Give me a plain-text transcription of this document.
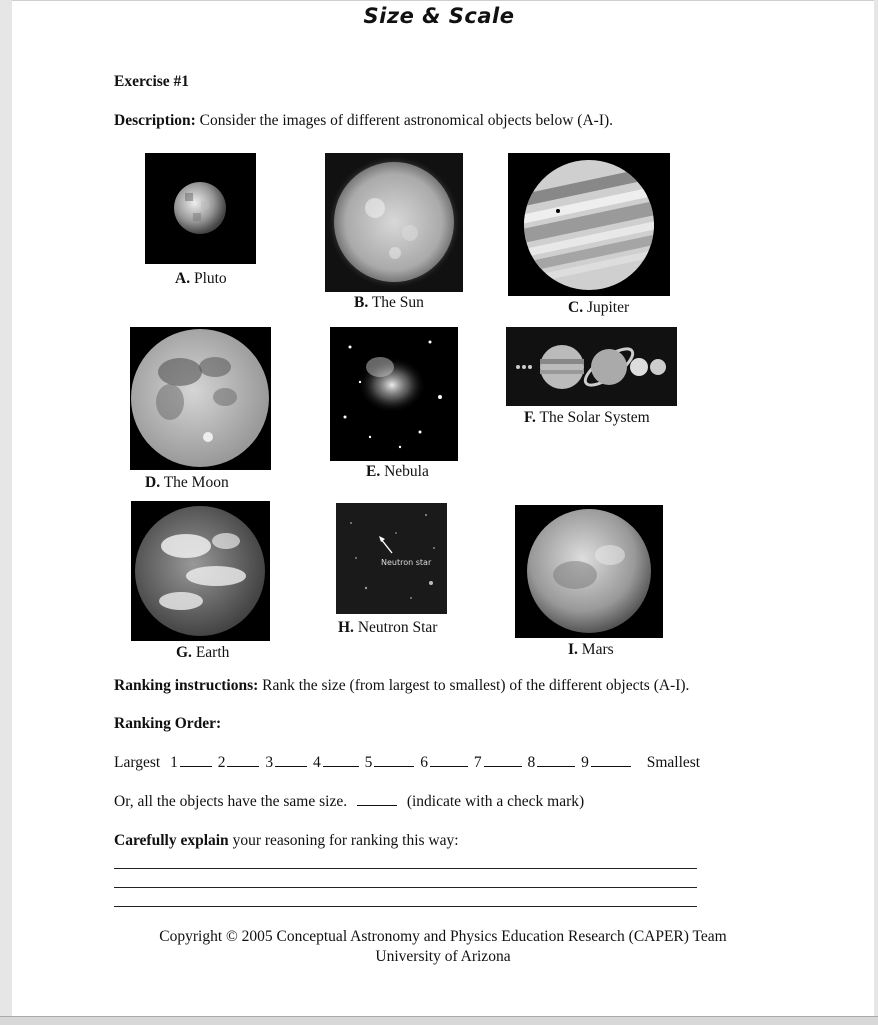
Size & Scale
Exercise #1
Description: Consider the images of different astronomical objects below (A-I).
A. Pluto
B. The Sun	C. Jupiter
D. The Moon
E. Nebula
F. The Solar System
G. Earth
Neutron star
H. Neutron Star
I. Mars
Ranking instructions: Rank the size (from largest to smallest) of the different objects (A-I).
Ranking Order:
Largest 1	2	3	4	5	6	7	8	9	Smallest
Or, all the objects have the same size.	(indicate with a check mark)
Carefully explain your reasoning for ranking this way:
Copyright © 2005 Conceptual Astronomy and Physics Education Research (CAPER) Team
University of Arizona
